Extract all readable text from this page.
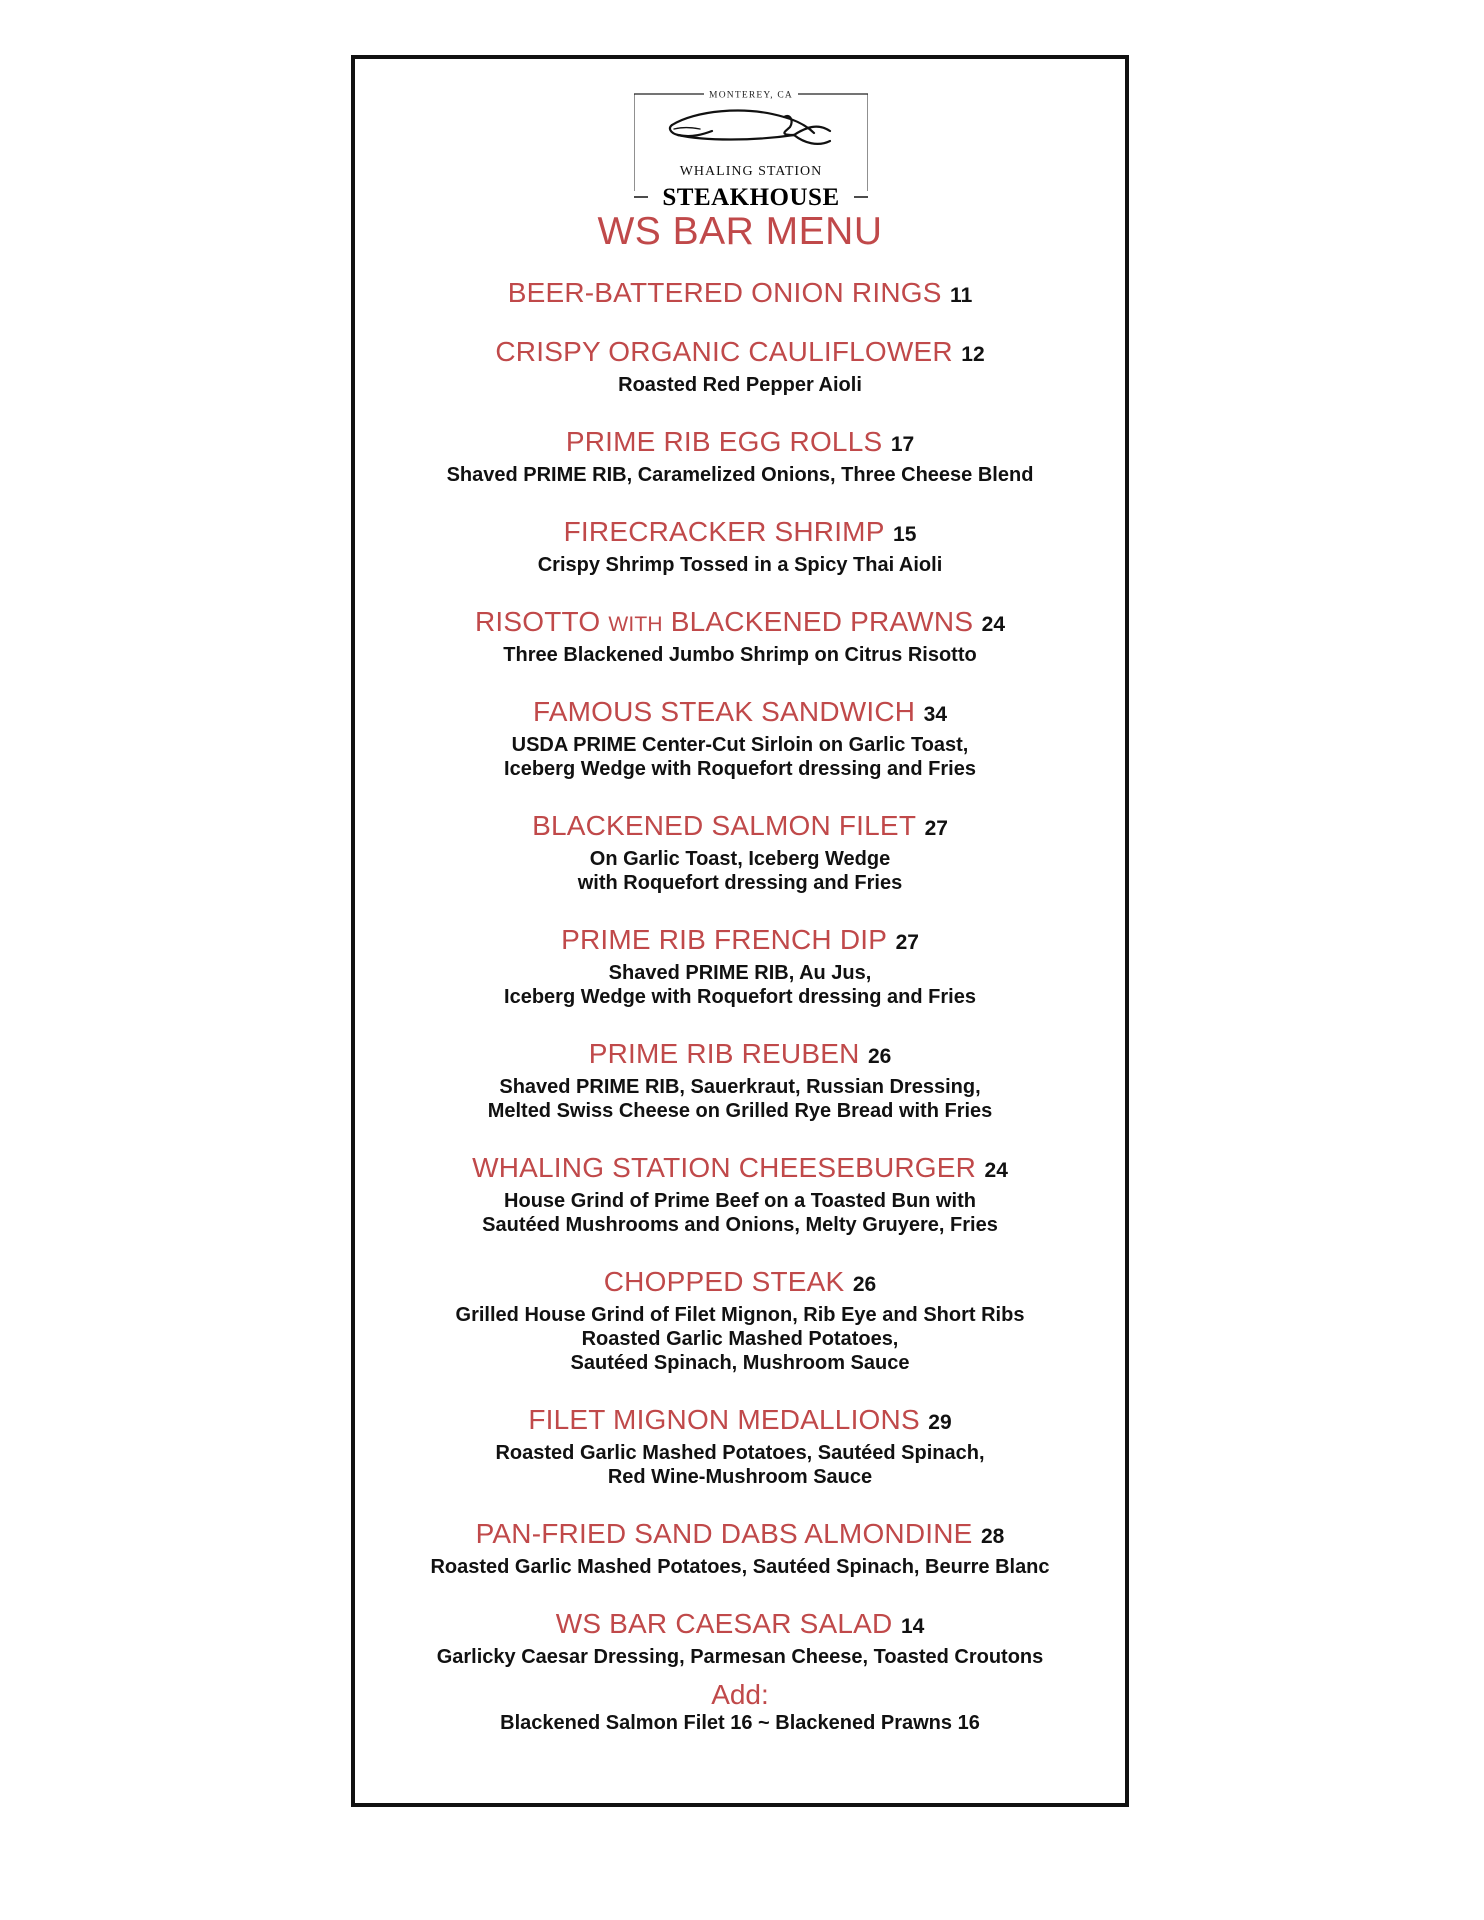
MONTEREY, CA
WHALING STATION
STEAKHOUSE
WS BAR MENU
BEER-BATTERED ONION RINGS 11
CRISPY ORGANIC CAULIFLOWER 12
Roasted Red Pepper Aioli
PRIME RIB EGG ROLLS 17
Shaved PRIME RIB, Caramelized Onions, Three Cheese Blend
FIRECRACKER SHRIMP 15
Crispy Shrimp Tossed in a Spicy Thai Aioli
RISOTTO WITH BLACKENED PRAWNS 24
Three Blackened Jumbo Shrimp on Citrus Risotto
FAMOUS STEAK SANDWICH 34
USDA PRIME Center-Cut Sirloin on Garlic Toast,
Iceberg Wedge with Roquefort dressing and Fries
BLACKENED SALMON FILET 27
On Garlic Toast, Iceberg Wedge
with Roquefort dressing and Fries
PRIME RIB FRENCH DIP 27
Shaved PRIME RIB, Au Jus,
Iceberg Wedge with Roquefort dressing and Fries
PRIME RIB REUBEN 26
Shaved PRIME RIB, Sauerkraut, Russian Dressing,
Melted Swiss Cheese on Grilled Rye Bread with Fries
WHALING STATION CHEESEBURGER 24
House Grind of Prime Beef on a Toasted Bun with
Sautéed Mushrooms and Onions, Melty Gruyere, Fries
CHOPPED STEAK 26
Grilled House Grind of Filet Mignon, Rib Eye and Short Ribs
Roasted Garlic Mashed Potatoes,
Sautéed Spinach, Mushroom Sauce
FILET MIGNON MEDALLIONS 29
Roasted Garlic Mashed Potatoes, Sautéed Spinach,
Red Wine-Mushroom Sauce
PAN-FRIED SAND DABS ALMONDINE 28
Roasted Garlic Mashed Potatoes, Sautéed Spinach, Beurre Blanc
WS BAR CAESAR SALAD 14
Garlicky Caesar Dressing, Parmesan Cheese, Toasted Croutons
Add:
Blackened Salmon Filet 16 ~ Blackened Prawns 16
